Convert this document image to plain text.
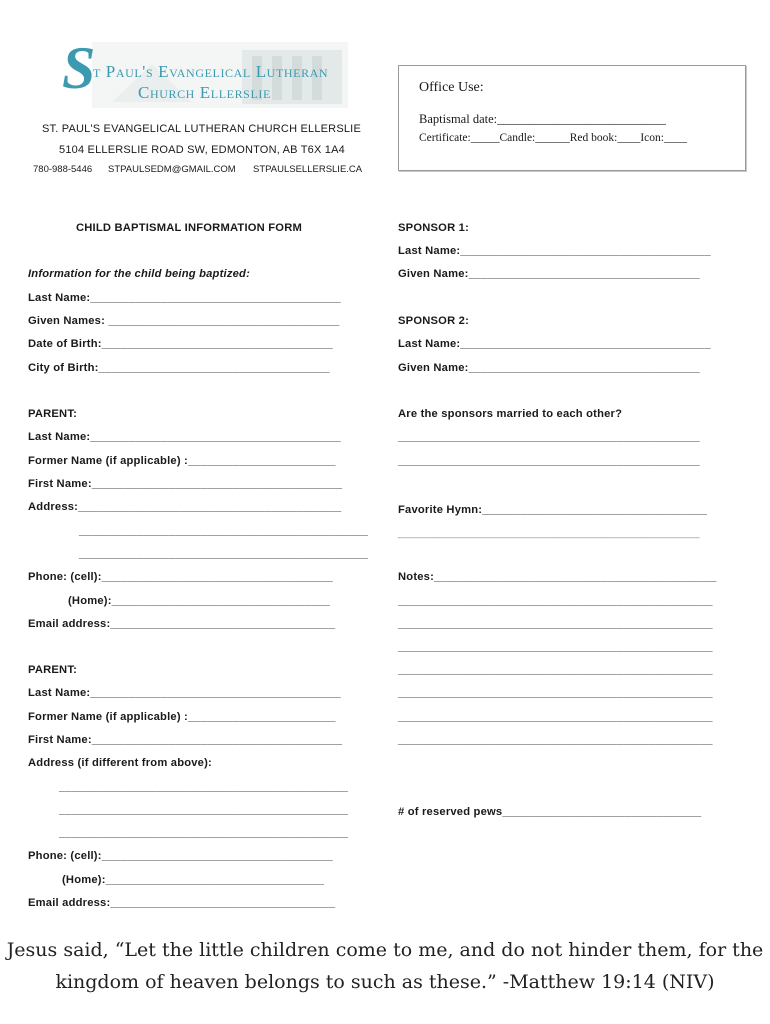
S
t Paul's Evangelical Lutheran
Church Ellerslie
ST. PAUL'S EVANGELICAL LUTHERAN CHURCH ELLERSLIE
5104 ELLERSLIE ROAD SW, EDMONTON, AB T6X 1A4
780-988-5446 STPAULSEDM@GMAIL.COM STPAULSELLERSLIE.CA
Office Use:
Baptismal date:___________________________
Certificate:_____Candle:______Red book:____Icon:____
CHILD BAPTISMAL INFORMATION FORM
Information for the child being baptized:
Last Name:_______________________________________
Given Names: ____________________________________
Date of Birth:____________________________________
City of Birth:____________________________________
PARENT:
Last Name:_______________________________________
Former Name (if applicable) :_______________________
First Name:_______________________________________
Address:_________________________________________
_____________________________________________
_____________________________________________
Phone: (cell):____________________________________
(Home):__________________________________
Email address:___________________________________
PARENT:
Last Name:_______________________________________
Former Name (if applicable) :_______________________
First Name:_______________________________________
Address (if different from above):
_____________________________________________
_____________________________________________
_____________________________________________
Phone: (cell):____________________________________
(Home):__________________________________
Email address:___________________________________
SPONSOR 1:
Last Name:_______________________________________
Given Name:____________________________________
SPONSOR 2:
Last Name:_______________________________________
Given Name:____________________________________
Are the sponsors married to each other?
_______________________________________________
_______________________________________________
Favorite Hymn:___________________________________
_______________________________________________
Notes:____________________________________________
_________________________________________________
_________________________________________________
_________________________________________________
_________________________________________________
_________________________________________________
_________________________________________________
_________________________________________________
# of reserved pews_______________________________
Jesus said, “Let the little children come to me, and do not hinder them, for the
kingdom of heaven belongs to such as these.” -Matthew 19:14 (NIV)
